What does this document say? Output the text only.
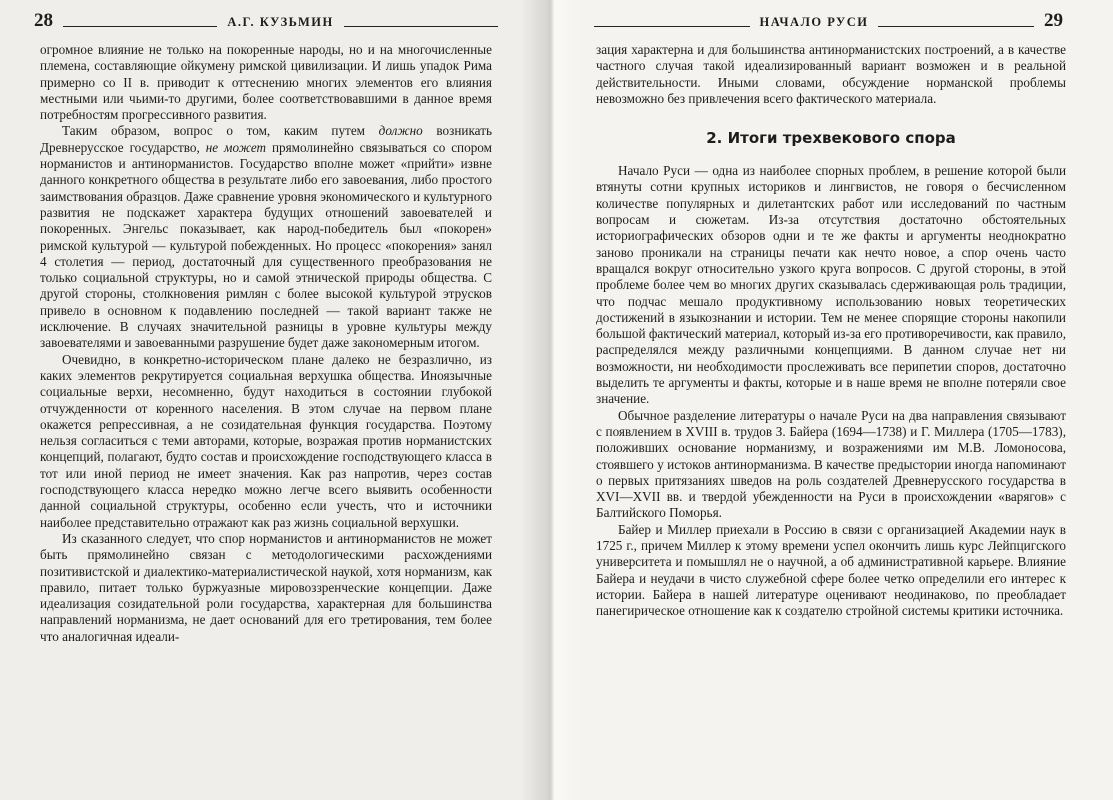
28	А.Г. КУЗЬМИН

огромное влияние не только на покоренные народы, но и на многочисленные племена, составляющие ойкумену римской цивилизации. И лишь упадок Рима примерно со II в. приводит к оттеснению многих элементов его влияния местными или чьими-то другими, более соответствовавшими в данное время потребностям прогрессивного развития.

Таким образом, вопрос о том, каким путем должно возникать Древнерусское государство, не может прямолинейно связываться со спором норманистов и антинорманистов. Государство вполне может «прийти» извне данного конкретного общества в результате либо его завоевания, либо простого заимствования образцов. Даже сравнение уровня экономического и культурного развития не подскажет характера будущих отношений завоевателей и покоренных. Энгельс показывает, как народ-победитель был «покорен» римской культурой — культурой побежденных. Но процесс «покорения» занял 4 столетия — период, достаточный для существенного преобразования не только социальной структуры, но и самой этнической природы общества. С другой стороны, столкновения римлян с более высокой культурой этрусков привело в основном к подавлению последней — такой вариант также не исключение. В случаях значительной разницы в уровне культуры между завоевателями и завоеванными разрушение будет даже закономерным итогом.

Очевидно, в конкретно-историческом плане далеко не безразлично, из каких элементов рекрутируется социальная верхушка общества. Иноязычные социальные верхи, несомненно, будут находиться в состоянии глубокой отчужденности от коренного населения. В этом случае на первом плане окажется репрессивная, а не созидательная функция государства. Поэтому нельзя согласиться с теми авторами, которые, возражая против норманистских концепций, полагают, будто состав и происхождение господствующего класса в тот или иной период не имеет значения. Как раз напротив, через состав господствующего класса нередко можно легче всего выявить особенности данной социальной структуры, особенно если учесть, что и источники наиболее представительно отражают как раз жизнь социальной верхушки.

Из сказанного следует, что спор норманистов и антинорманистов не может быть прямолинейно связан с методологическими расхождениями позитивистской и диалектико-материалистической наукой, хотя норманизм, как правило, питает только буржуазные мировоззренческие концепции. Даже идеализация созидательной роли государства, характерная для большинства направлений норманизма, не дает оснований для его третирования, тем более что аналогичная идеали-

НАЧАЛО РУСИ	29

зация характерна и для большинства антинорманистских построений, а в качестве частного случая такой идеализированный вариант возможен и в реальной действительности. Иными словами, обсуждение норманской проблемы невозможно без привлечения всего фактического материала.

2. Итоги трехвекового спора

Начало Руси — одна из наиболее спорных проблем, в решение которой были втянуты сотни крупных историков и лингвистов, не говоря о бесчисленном количестве популярных и дилетантских работ или исследований по частным вопросам и сюжетам. Из-за отсутствия достаточно обстоятельных историографических обзоров одни и те же факты и аргументы неоднократно заново проникали на страницы печати как нечто новое, а спор очень часто вращался вокруг относительно узкого круга вопросов. С другой стороны, в этой проблеме более чем во многих других сказывалась сдерживающая роль традиции, что подчас мешало продуктивному использованию новых теоретических достижений в языкознании и истории. Тем не менее спорящие стороны накопили большой фактический материал, который из-за его противоречивости, как правило, распределялся между различными концепциями. В данном случае нет ни возможности, ни необходимости прослеживать все перипетии споров, достаточно выделить те аргументы и факты, которые и в наше время не вполне потеряли свое значение.

Обычное разделение литературы о начале Руси на два направления связывают с появлением в XVIII в. трудов З. Байера (1694—1738) и Г. Миллера (1705—1783), положивших основание норманизму, и возражениями им М.В. Ломоносова, стоявшего у истоков антинорманизма. В качестве предыстории иногда напоминают о первых притязаниях шведов на роль создателей Древнерусского государства в XVI—XVII вв. и твердой убежденности на Руси в происхождении «варягов» с Балтийского Поморья.

Байер и Миллер приехали в Россию в связи с организацией Академии наук в 1725 г., причем Миллер к этому времени успел окончить лишь курс Лейпцигского университета и помышлял не о научной, а об административной карьере. Влияние Байера и неудачи в чисто служебной сфере более четко определили его интерес к истории. Байера в нашей литературе оценивают неодинаково, по преобладает панегирическое отношение как к создателю стройной системы критики источника.
